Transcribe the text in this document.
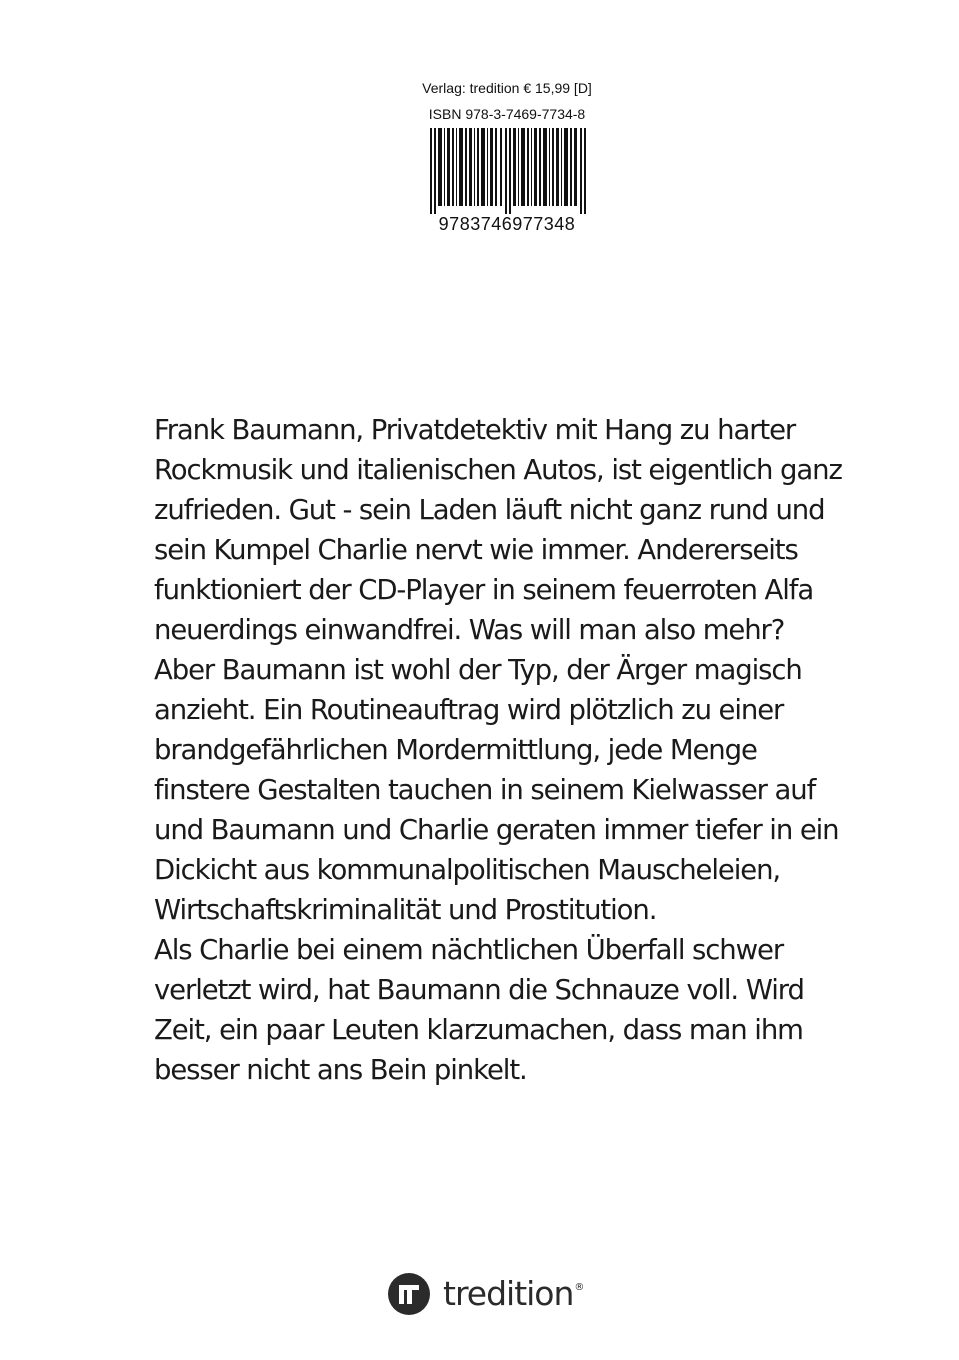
Verlag: tredition € 15,99 [D]
ISBN 978-3-7469-7734-8
9783746977348

Frank Baumann, Privatdetektiv mit Hang zu harter
Rockmusik und italienischen Autos, ist eigentlich ganz
zufrieden. Gut - sein Laden läuft nicht ganz rund und
sein Kumpel Charlie nervt wie immer. Andererseits
funktioniert der CD-Player in seinem feuerroten Alfa
neuerdings einwandfrei. Was will man also mehr?
Aber Baumann ist wohl der Typ, der Ärger magisch
anzieht. Ein Routineauftrag wird plötzlich zu einer
brandgefährlichen Mordermittlung, jede Menge
finstere Gestalten tauchen in seinem Kielwasser auf
und Baumann und Charlie geraten immer tiefer in ein
Dickicht aus kommunalpolitischen Mauscheleien,
Wirtschaftskriminalität und Prostitution.

Als Charlie bei einem nächtlichen Überfall schwer
verletzt wird, hat Baumann die Schnauze voll. Wird
Zeit, ein paar Leuten klarzumachen, dass man ihm
besser nicht ans Bein pinkelt.

tredition®
